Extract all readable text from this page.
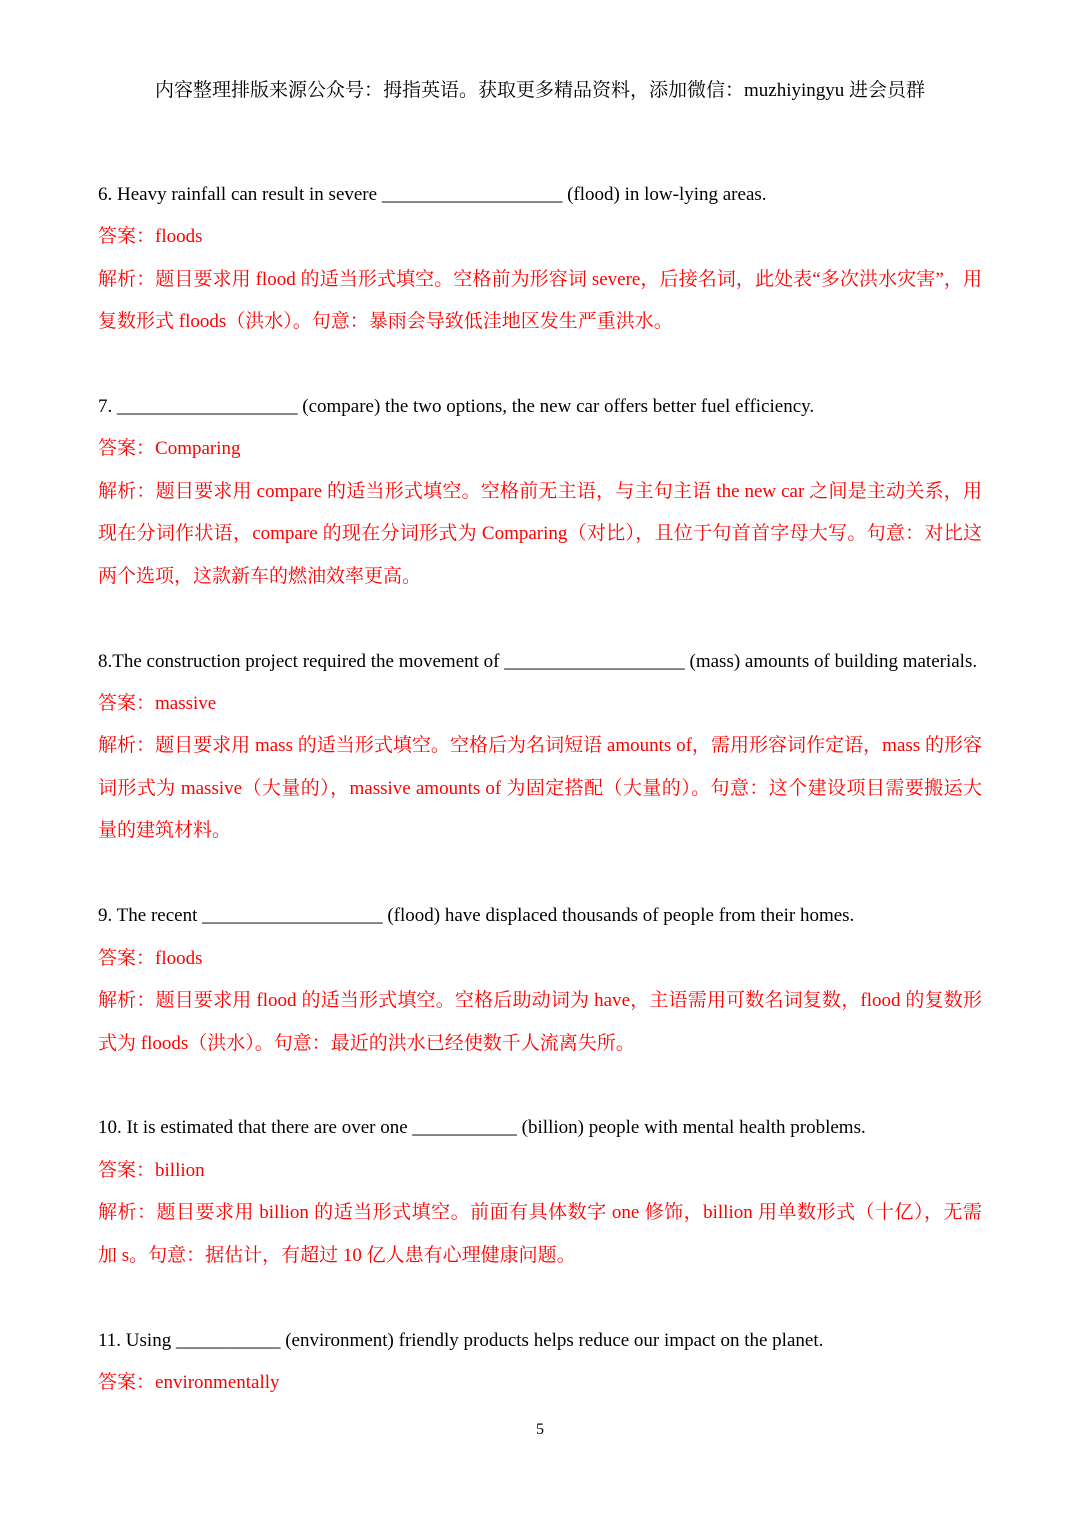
内容整理排版来源公众号：拇指英语。获取更多精品资料，添加微信：muzhiyingyu 进会员群
6. Heavy rainfall can result in severe ___________________ (flood) in low-lying areas.
答案：floods
解析：题目要求用 flood 的适当形式填空。空格前为形容词 severe，后接名词，此处表“多次洪水灾害”，用
复数形式 floods（洪水）。句意：暴雨会导致低洼地区发生严重洪水。
7. ___________________ (compare) the two options, the new car offers better fuel efficiency.
答案：Comparing
解析：题目要求用 compare 的适当形式填空。空格前无主语，与主句主语 the new car 之间是主动关系，用
现在分词作状语，compare 的现在分词形式为 Comparing（对比），且位于句首首字母大写。句意：对比这
两个选项，这款新车的燃油效率更高。
8.The construction project required the movement of ___________________ (mass) amounts of building materials.
答案：massive
解析：题目要求用 mass 的适当形式填空。空格后为名词短语 amounts of，需用形容词作定语，mass 的形容
词形式为 massive（大量的），massive amounts of 为固定搭配（大量的）。句意：这个建设项目需要搬运大
量的建筑材料。
9. The recent ___________________ (flood) have displaced thousands of people from their homes.
答案：floods
解析：题目要求用 flood 的适当形式填空。空格后助动词为 have，主语需用可数名词复数，flood 的复数形
式为 floods（洪水）。句意：最近的洪水已经使数千人流离失所。
10. It is estimated that there are over one ___________ (billion) people with mental health problems.
答案：billion
解析：题目要求用 billion 的适当形式填空。前面有具体数字 one 修饰，billion 用单数形式（十亿），无需
加 s。句意：据估计，有超过 10 亿人患有心理健康问题。
11. Using ___________ (environment) friendly products helps reduce our impact on the planet.
答案：environmentally
5
